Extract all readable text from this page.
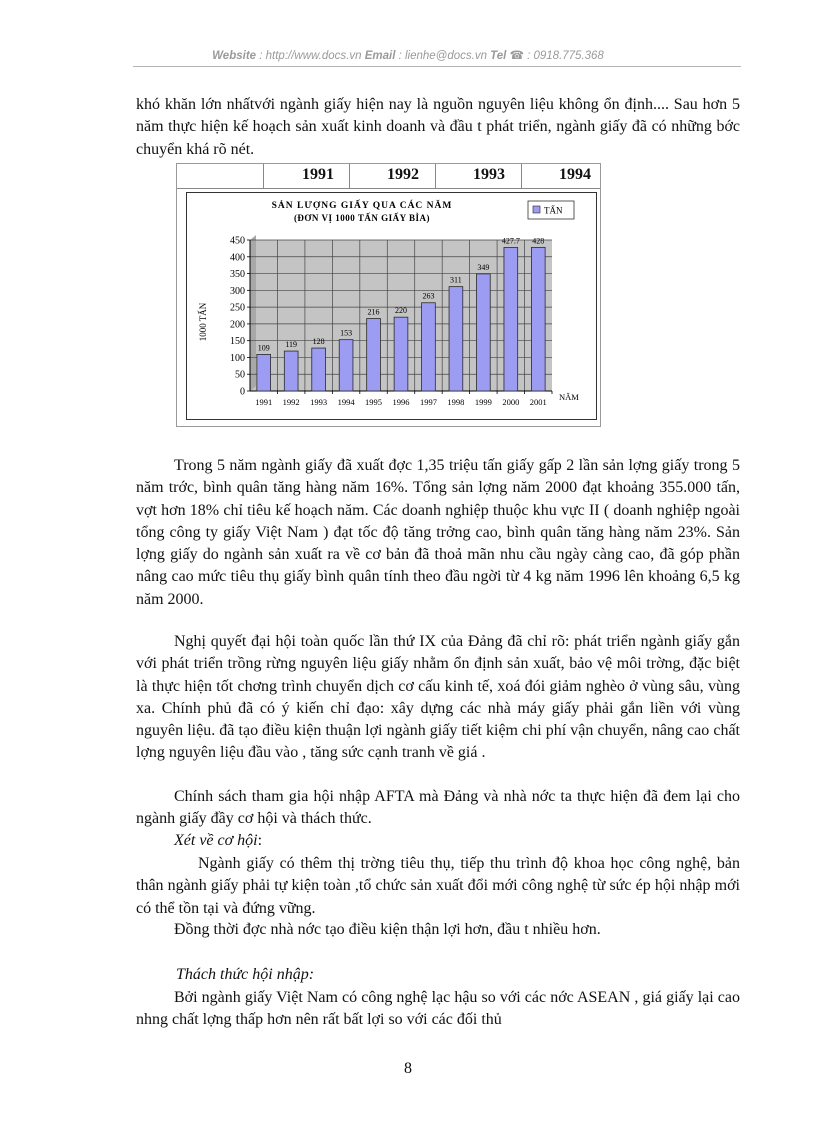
Website : http://www.docs.vn Email : lienhe@docs.vn Tel ☎ : 0918.775.368

khó khăn lớn nhấtvới ngành giấy hiện nay là nguồn nguyên liệu không ổn định.... Sau hơn 5 năm thực hiện kế hoạch sản xuất kinh doanh và đầu t phát triển, ngành giấy đã có những bớc chuyển khá rõ nét.

1991	1992	1993	1994
SẢN LƯỢNG GIẤY QUA CÁC NĂM
(ĐƠN VỊ 1000 TẤN GIẤY BÌA)
TẤN
0
50
100
150
200
250
300
350
400
450
109
1991
119
1992
128
1993
153
1994
216
1995
220
1996
263
1997
311
1998
349
1999
427.7
2000
428
2001
1000 TẤN
NĂM

Trong 5 năm ngành giấy đã xuất đợc 1,35 triệu tấn giấy gấp 2 lần sản lợng giấy trong 5 năm trớc, bình quân tăng hàng năm 16%. Tổng sản lợng năm 2000 đạt khoảng 355.000 tấn, vợt hơn 18% chỉ tiêu kế hoạch năm. Các doanh nghiệp thuộc khu vực II ( doanh nghiệp ngoài tổng công ty giấy Việt Nam ) đạt tốc độ tăng trởng cao, bình quân tăng hàng năm 23%. Sản lợng giấy do ngành sản xuất ra về cơ bản đã thoả mãn nhu cầu ngày càng cao, đã góp phần nâng cao mức tiêu thụ giấy bình quân tính theo đầu ngời từ 4 kg năm 1996 lên khoảng 6,5 kg năm 2000.

Nghị quyết đại hội toàn quốc lần thứ IX của Đảng đã chỉ rõ: phát triển ngành giấy gắn với phát triển trồng rừng nguyên liệu giấy nhằm ổn định sản xuất, bảo vệ môi trờng, đặc biệt là thực hiện tốt chơng trình chuyển dịch cơ cấu kinh tế, xoá đói giảm nghèo ở vùng sâu, vùng xa. Chính phủ đã có ý kiến chỉ đạo: xây dựng các nhà máy giấy phải gắn liền với vùng nguyên liệu. đã tạo điều kiện thuận lợi ngành giấy tiết kiệm chi phí vận chuyển, nâng cao chất lợng nguyên liệu đầu vào , tăng sức cạnh tranh về giá .

Chính sách tham gia hội nhập AFTA mà Đảng và nhà nớc ta thực hiện đã đem lại cho ngành giấy đầy cơ hội và thách thức.

Xét về cơ hội:

Ngành giấy có thêm thị trờng tiêu thụ, tiếp thu trình độ khoa học công nghệ, bản thân ngành giấy phải tự kiện toàn ,tổ chức sản xuất đổi mới công nghệ từ sức ép hội nhập mới có thể tồn tại và đứng vững.

Đồng thời đợc nhà nớc tạo điều kiện thận lợi hơn, đầu t nhiều hơn.

Thách thức hội nhập:

Bởi ngành giấy Việt Nam có công nghệ lạc hậu so với các nớc ASEAN , giá giấy lại cao nhng chất lợng thấp hơn nên rất bất lợi so với các đối thủ

8
